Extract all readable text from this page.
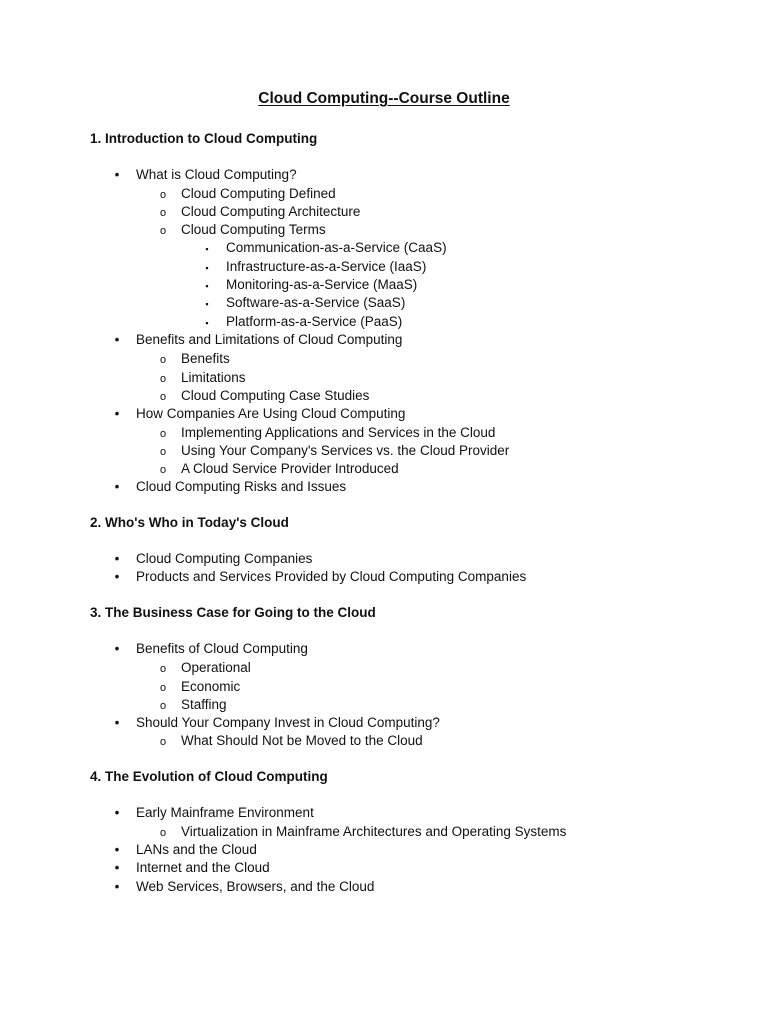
Cloud Computing--Course Outline
1. Introduction to Cloud Computing
• What is Cloud Computing?
o Cloud Computing Defined
o Cloud Computing Architecture
o Cloud Computing Terms
▪ Communication-as-a-Service (CaaS)
▪ Infrastructure-as-a-Service (IaaS)
▪ Monitoring-as-a-Service (MaaS)
▪ Software-as-a-Service (SaaS)
▪ Platform-as-a-Service (PaaS)
• Benefits and Limitations of Cloud Computing
o Benefits
o Limitations
o Cloud Computing Case Studies
• How Companies Are Using Cloud Computing
o Implementing Applications and Services in the Cloud
o Using Your Company's Services vs. the Cloud Provider
o A Cloud Service Provider Introduced
• Cloud Computing Risks and Issues
2. Who's Who in Today's Cloud
• Cloud Computing Companies
• Products and Services Provided by Cloud Computing Companies
3. The Business Case for Going to the Cloud
• Benefits of Cloud Computing
o Operational
o Economic
o Staffing
• Should Your Company Invest in Cloud Computing?
o What Should Not be Moved to the Cloud
4. The Evolution of Cloud Computing
• Early Mainframe Environment
o Virtualization in Mainframe Architectures and Operating Systems
• LANs and the Cloud
• Internet and the Cloud
• Web Services, Browsers, and the Cloud
